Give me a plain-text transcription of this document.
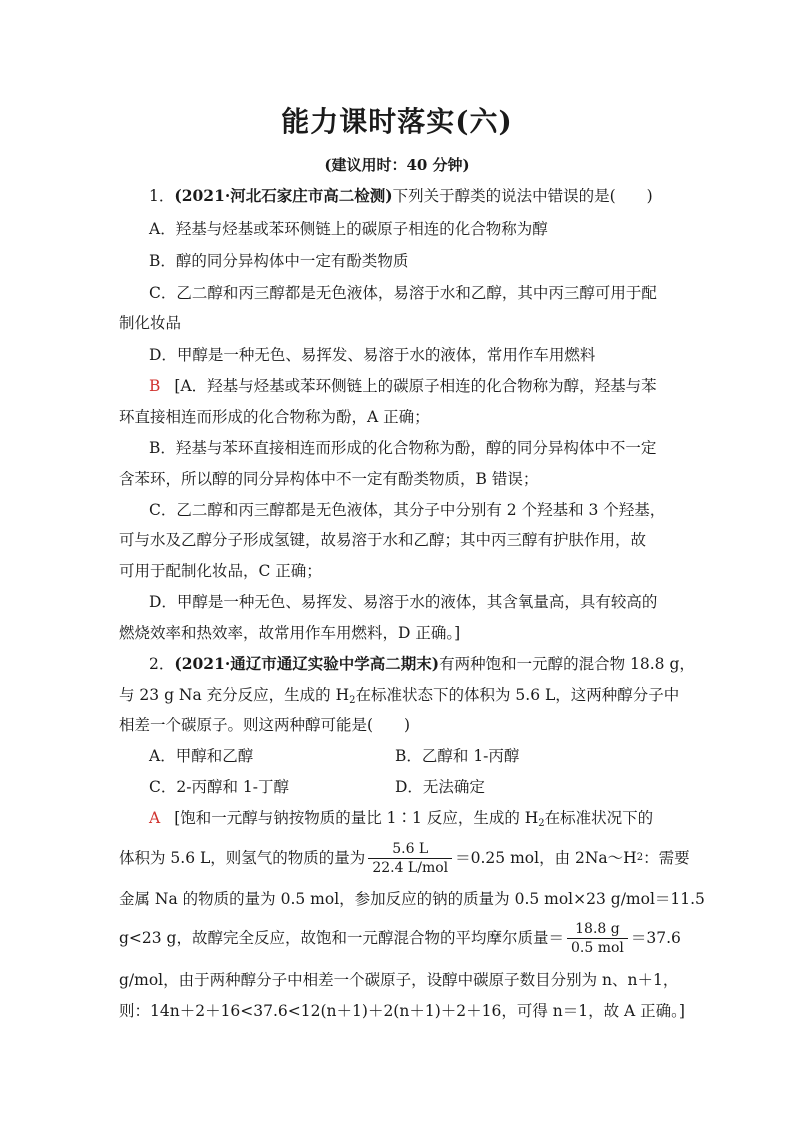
能力课时落实(六)
(建议用时：40 分钟)
1．(2021·河北石家庄市高二检测)下列关于醇类的说法中错误的是(　　)
A．羟基与烃基或苯环侧链上的碳原子相连的化合物称为醇
B．醇的同分异构体中一定有酚类物质
C．乙二醇和丙三醇都是无色液体，易溶于水和乙醇，其中丙三醇可用于配
制化妆品
D．甲醇是一种无色、易挥发、易溶于水的液体，常用作车用燃料
B [A．羟基与烃基或苯环侧链上的碳原子相连的化合物称为醇，羟基与苯
环直接相连而形成的化合物称为酚，A 正确；
B．羟基与苯环直接相连而形成的化合物称为酚，醇的同分异构体中不一定
含苯环，所以醇的同分异构体中不一定有酚类物质，B 错误；
C．乙二醇和丙三醇都是无色液体，其分子中分别有 2 个羟基和 3 个羟基，
可与水及乙醇分子形成氢键，故易溶于水和乙醇；其中丙三醇有护肤作用，故
可用于配制化妆品，C 正确；
D．甲醇是一种无色、易挥发、易溶于水的液体，其含氧量高，具有较高的
燃烧效率和热效率，故常用作车用燃料，D 正确。]
2．(2021·通辽市通辽实验中学高二期末)有两种饱和一元醇的混合物 18.8 g，
与 23 g Na 充分反应，生成的 $H_2$在标准状态下的体积为 5.6 L，这两种醇分子中
相差一个碳原子。则这两种醇可能是(　　)
A．甲醇和乙醇	B．乙醇和 1-丙醇
C．2-丙醇和 1-丁醇	D．无法确定
A [饱和一元醇与钠按物质的量比 1∶1 反应，生成的 $H_2$在标准状况下的
体积为 5.6 L，则氢气的物质的量为 $\frac{5.6 L}{\text{22.4 L/mol}} =0.25$ mol，由 2Na～H 2 ：需要
金属 Na 的物质的量为 0.5 mol，参加反应的钠的质量为 0.5 mol×23 g/mol＝11.5
g<23 g，故醇完全反应，故饱和一元醇混合物的平均摩尔质量＝ $\frac{18.8 g}{\text{0.5 mol}} =37.6$
g/mol，由于两种醇分子中相差一个碳原子，设醇中碳原子数目分别为 n、n＋1，
则：14n＋2＋16<37.6<12(n＋1)＋2(n＋1)＋2＋16，可得 n＝1，故 A 正确。]
